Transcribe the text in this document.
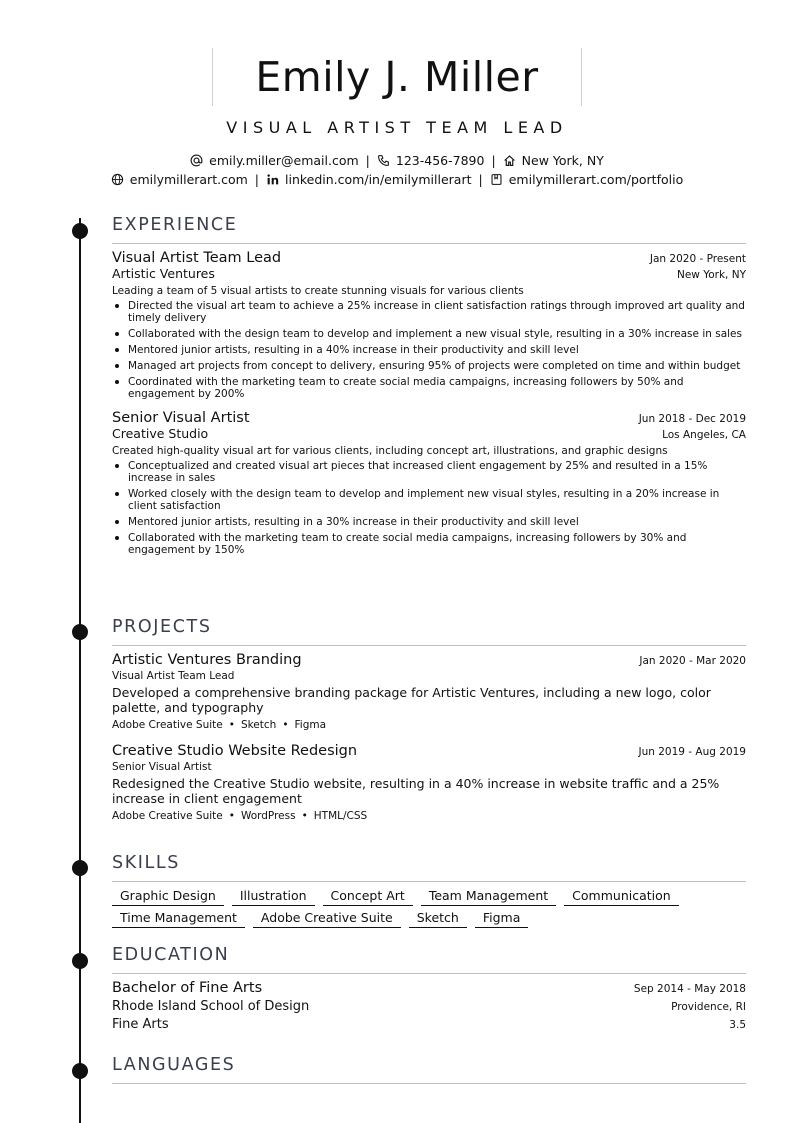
Emily J. Miller
VISUAL ARTIST TEAM LEAD
emily.miller@email.com | 123-456-7890 | New York, NY
emilymillerart.com | linkedin.com/in/emilymillerart | emilymillerart.com/portfolio
EXPERIENCE
Visual Artist Team Lead	Jan 2020 - Present
Artistic Ventures	New York, NY
Leading a team of 5 visual artists to create stunning visuals for various clients
Directed the visual art team to achieve a 25% increase in client satisfaction ratings through improved art quality and timely delivery
Collaborated with the design team to develop and implement a new visual style, resulting in a 30% increase in sales
Mentored junior artists, resulting in a 40% increase in their productivity and skill level
Managed art projects from concept to delivery, ensuring 95% of projects were completed on time and within budget
Coordinated with the marketing team to create social media campaigns, increasing followers by 50% and engagement by 200%
Senior Visual Artist	Jun 2018 - Dec 2019
Creative Studio	Los Angeles, CA
Created high-quality visual art for various clients, including concept art, illustrations, and graphic designs
Conceptualized and created visual art pieces that increased client engagement by 25% and resulted in a 15% increase in sales
Worked closely with the design team to develop and implement new visual styles, resulting in a 20% increase in client satisfaction
Mentored junior artists, resulting in a 30% increase in their productivity and skill level
Collaborated with the marketing team to create social media campaigns, increasing followers by 30% and engagement by 150%
PROJECTS
Artistic Ventures Branding	Jan 2020 - Mar 2020
Visual Artist Team Lead
Developed a comprehensive branding package for Artistic Ventures, including a new logo, color palette, and typography
Adobe Creative Suite • Sketch • Figma
Creative Studio Website Redesign	Jun 2019 - Aug 2019
Senior Visual Artist
Redesigned the Creative Studio website, resulting in a 40% increase in website traffic and a 25% increase in client engagement
Adobe Creative Suite • WordPress • HTML/CSS
SKILLS
Graphic Design	Illustration	Concept Art	Team Management	Communication
Time Management	Adobe Creative Suite	Sketch	Figma
EDUCATION
Bachelor of Fine Arts	Sep 2014 - May 2018
Rhode Island School of Design	Providence, RI
Fine Arts	3.5
LANGUAGES
